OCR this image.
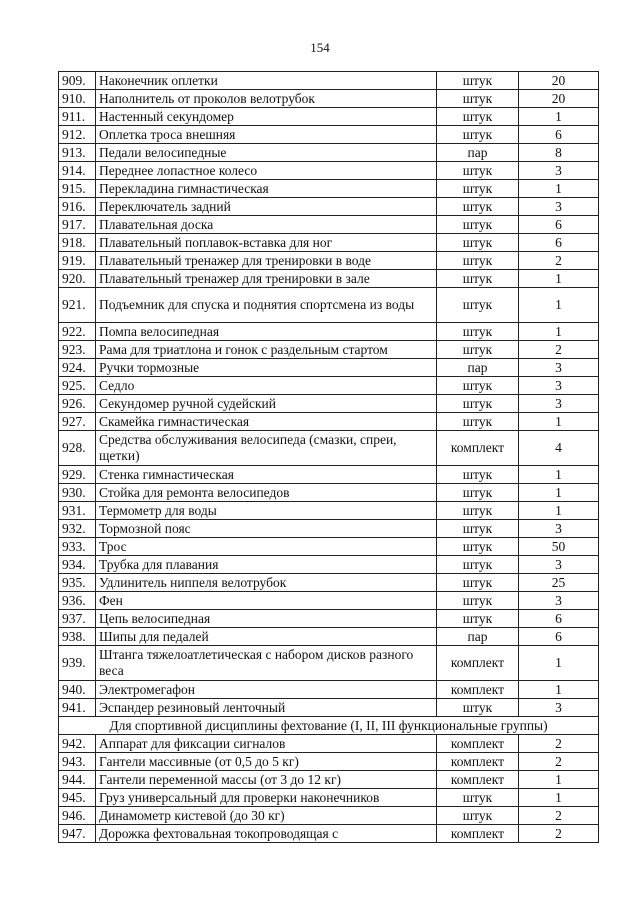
154
909.	Наконечник оплетки	штук	20
910.	Наполнитель от проколов велотрубок	штук	20
911.	Настенный секундомер	штук	1
912.	Оплетка троса внешняя	штук	6
913.	Педали велосипедные	пар	8
914.	Переднее лопастное колесо	штук	3
915.	Перекладина гимнастическая	штук	1
916.	Переключатель задний	штук	3
917.	Плавательная доска	штук	6
918.	Плавательный поплавок-вставка для ног	штук	6
919.	Плавательный тренажер для тренировки в воде	штук	2
920.	Плавательный тренажер для тренировки в зале	штук	1
921.	Подъемник для спуска и поднятия спортсмена из воды	штук	1
922.	Помпа велосипедная	штук	1
923.	Рама для триатлона и гонок с раздельным стартом	штук	2
924.	Ручки тормозные	пар	3
925.	Седло	штук	3
926.	Секундомер ручной судейский	штук	3
927.	Скамейка гимнастическая	штук	1
928.	Средства обслуживания велосипеда (смазки, спреи, щетки)	комплект	4
929.	Стенка гимнастическая	штук	1
930.	Стойка для ремонта велосипедов	штук	1
931.	Термометр для воды	штук	1
932.	Тормозной пояс	штук	3
933.	Трос	штук	50
934.	Трубка для плавания	штук	3
935.	Удлинитель ниппеля велотрубок	штук	25
936.	Фен	штук	3
937.	Цепь велосипедная	штук	6
938.	Шипы для педалей	пар	6
939.	Штанга тяжелоатлетическая с набором дисков разного веса	комплект	1
940.	Электромегафон	комплект	1
941.	Эспандер резиновый ленточный	штук	3
Для спортивной дисциплины фехтование (I, II, III функциональные группы)			
942.	Аппарат для фиксации сигналов	комплект	2
943.	Гантели массивные (от 0,5 до 5 кг)	комплект	2
944.	Гантели переменной массы (от 3 до 12 кг)	комплект	1
945.	Груз универсальный для проверки наконечников	штук	1
946.	Динамометр кистевой (до 30 кг)	штук	2
947.	Дорожка фехтовальная токопроводящая с	комплект	2
